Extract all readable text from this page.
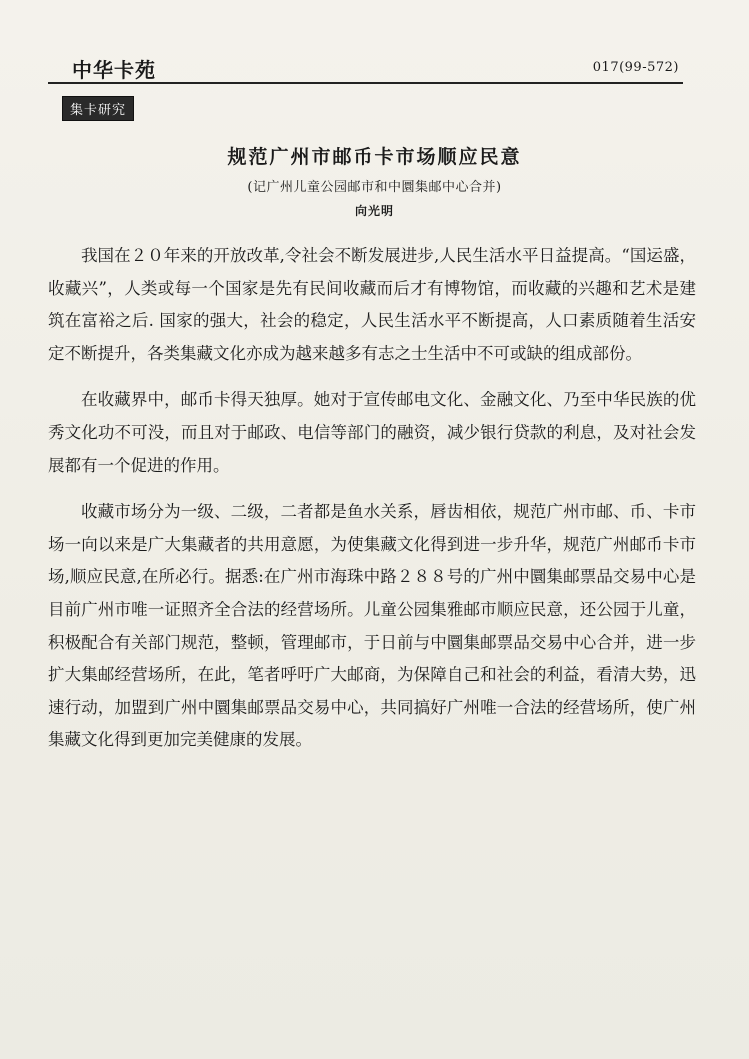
中华卡苑	017(99-572)
集卡研究
规范广州市邮币卡市场顺应民意
(记广州儿童公园邮市和中圜集邮中心合并)
向光明

我国在２０年来的开放改革,令社会不断发展进步,人民生活水平日益提高。“国运盛，收藏兴”，人类或每一个国家是先有民间收藏而后才有博物馆，而收藏的兴趣和艺术是建筑在富裕之后. 国家的强大，社会的稳定，人民生活水平不断提高，人口素质随着生活安定不断提升，各类集藏文化亦成为越来越多有志之士生活中不可或缺的组成部份。

在收藏界中，邮币卡得天独厚。她对于宣传邮电文化、金融文化、乃至中华民族的优秀文化功不可没，而且对于邮政、电信等部门的融资，减少银行贷款的利息，及对社会发展都有一个促进的作用。

收藏市场分为一级、二级，二者都是鱼水关系，唇齿相依，规范广州市邮、币、卡市场一向以来是广大集藏者的共用意愿，为使集藏文化得到进一步升华，规范广州邮币卡市场,顺应民意,在所必行。据悉:在广州市海珠中路２８８号的广州中圜集邮票品交易中心是目前广州市唯一证照齐全合法的经营场所。儿童公园集雅邮市顺应民意，还公园于儿童，积极配合有关部门规范，整顿，管理邮市，于日前与中圜集邮票品交易中心合并，进一步扩大集邮经营场所，在此，笔者呼吁广大邮商，为保障自己和社会的利益，看清大势，迅速行动，加盟到广州中圜集邮票品交易中心，共同搞好广州唯一合法的经营场所，使广州集藏文化得到更加完美健康的发展。
